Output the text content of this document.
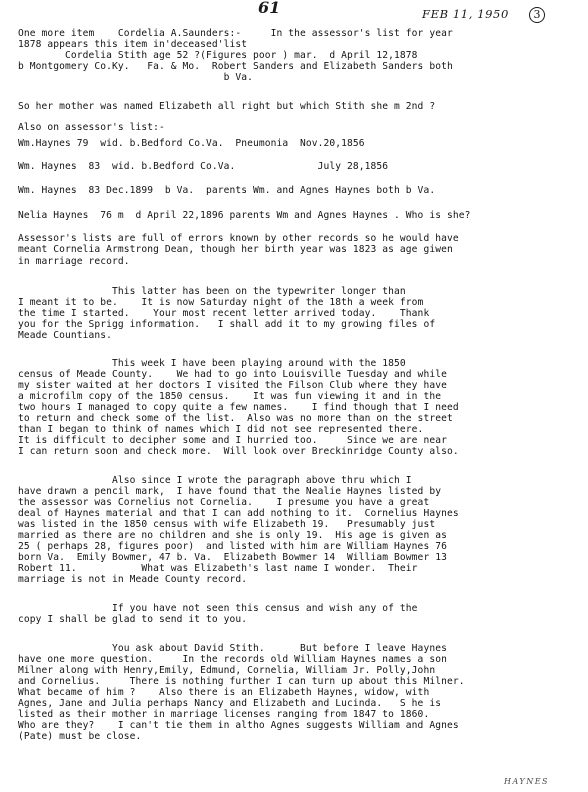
61	FEB 11, 1950	3
HAYNES
One more item    Cordelia A.Saunders:-     In the assessor's list for year
1878 appears this item in'deceased'list
Cordelia Stith age 52 ?(Figures poor ) mar.  d April 12,1878
b Montgomery Co.Ky.   Fa. & Mo.  Robert Sanders and Elizabeth Sanders both
b Va.
So her mother was named Elizabeth all right but which Stith she m 2nd ?
Also on assessor's list:-
Wm.Haynes 79  wid. b.Bedford Co.Va.  Pneumonia  Nov.20,1856
Wm. Haynes  83  wid. b.Bedford Co.Va.              July 28,1856
Wm. Haynes  83 Dec.1899  b Va.  parents Wm. and Agnes Haynes both b Va.
Nelia Haynes  76 m  d April 22,1896 parents Wm and Agnes Haynes . Who is she?
Assessor's lists are full of errors known by other records so he would have
meant Cornelia Armstrong Dean, though her birth year was 1823 as age giwen
in marriage record.
This latter has been on the typewriter longer than
I meant it to be.    It is now Saturday night of the 18th a week from
the time I started.    Your most recent letter arrived today.    Thank
you for the Sprigg information.   I shall add it to my growing files of
Meade Countians.
This week I have been playing around with the 1850
census of Meade County.    We had to go into Louisville Tuesday and while
my sister waited at her doctors I visited the Filson Club where they have
a microfilm copy of the 1850 census.    It was fun viewing it and in the
two hours I managed to copy quite a few names.    I find though that I need
to return and check some of the list.  Also was no more than on the street
than I began to think of names which I did not see represented there.
It is difficult to decipher some and I hurried too.     Since we are near
I can return soon and check more.  Will look over Breckinridge County also.
Also since I wrote the paragraph above thru which I
have drawn a pencil mark,  I have found that the Nealie Haynes listed by
the assessor was Cornelius not Cornelia.    I presume you have a great
deal of Haynes material and that I can add nothing to it.  Cornelius Haynes
was listed in the 1850 census with wife Elizabeth 19.   Presumably just
married as there are no children and she is only 19.  His age is given as
25 ( perhaps 28, figures poor)  and listed with him are William Haynes 76
born Va.  Emily Bowmer, 47 b. Va.  Elizabeth Bowmer 14  William Bowmer 13
Robert 11.           What was Elizabeth's last name I wonder.  Their
marriage is not in Meade County record.
If you have not seen this census and wish any of the
copy I shall be glad to send it to you.
You ask about David Stith.      But before I leave Haynes
have one more question.     In the records old William Haynes names a son
Milner along with Henry,Emily, Edmund, Cornelia, William Jr. Polly,John
and Cornelius.     There is nothing further I can turn up about this Milner.
What became of him ?    Also there is an Elizabeth Haynes, widow, with
Agnes, Jane and Julia perhaps Nancy and Elizabeth and Lucinda.   S he is
listed as their mother in marriage licenses ranging from 1847 to 1860.
Who are they?    I can't tie them in altho Agnes suggests William and Agnes
(Pate) must be close.
